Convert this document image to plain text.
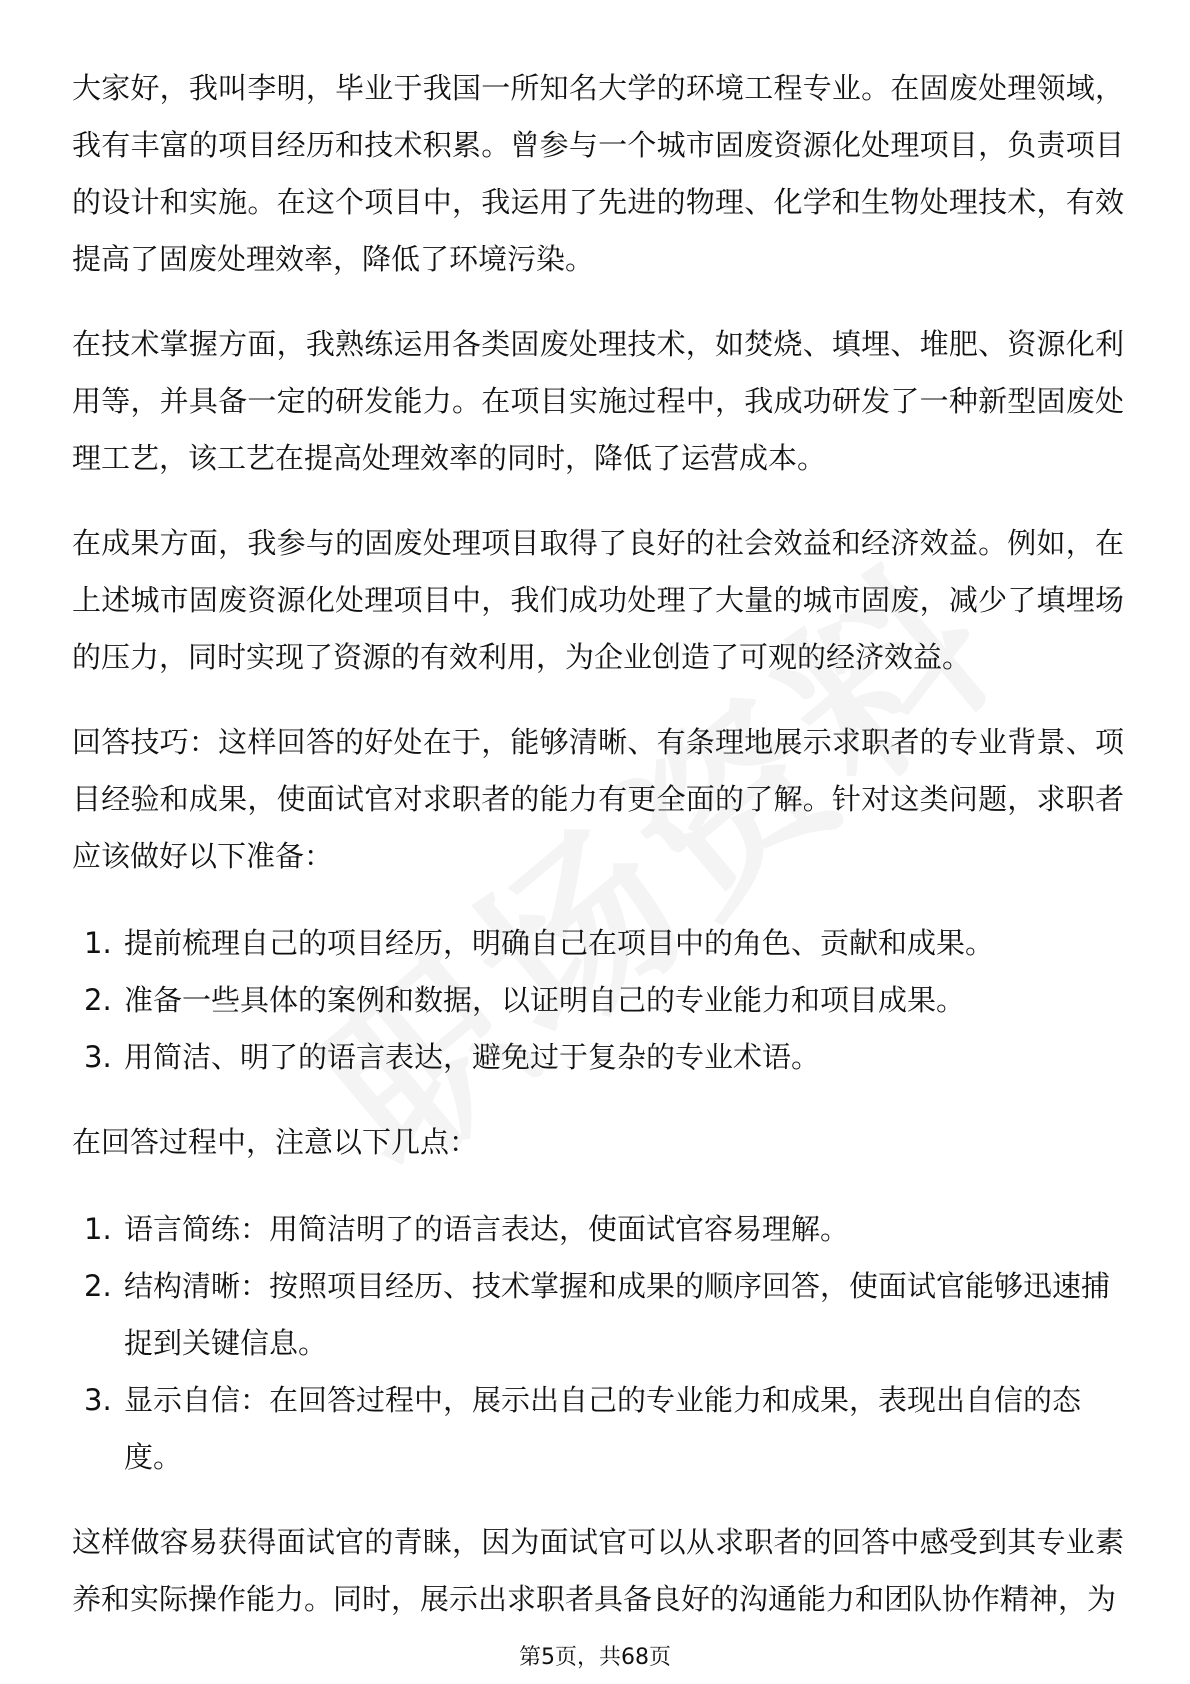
大家好，我叫李明，毕业于我国一所知名大学的环境工程专业。在固废处理领域，我有丰富的项目经历和技术积累。曾参与一个城市固废资源化处理项目，负责项目的设计和实施。在这个项目中，我运用了先进的物理、化学和生物处理技术，有效提高了固废处理效率，降低了环境污染。

在技术掌握方面，我熟练运用各类固废处理技术，如焚烧、填埋、堆肥、资源化利用等，并具备一定的研发能力。在项目实施过程中，我成功研发了一种新型固废处理工艺，该工艺在提高处理效率的同时，降低了运营成本。

在成果方面，我参与的固废处理项目取得了良好的社会效益和经济效益。例如，在上述城市固废资源化处理项目中，我们成功处理了大量的城市固废，减少了填埋场的压力，同时实现了资源的有效利用，为企业创造了可观的经济效益。

回答技巧：这样回答的好处在于，能够清晰、有条理地展示求职者的专业背景、项目经验和成果，使面试官对求职者的能力有更全面的了解。针对这类问题，求职者应该做好以下准备：

1. 提前梳理自己的项目经历，明确自己在项目中的角色、贡献和成果。
2. 准备一些具体的案例和数据，以证明自己的专业能力和项目成果。
3. 用简洁、明了的语言表达，避免过于复杂的专业术语。

在回答过程中，注意以下几点：

1. 语言简练：用简洁明了的语言表达，使面试官容易理解。
2. 结构清晰：按照项目经历、技术掌握和成果的顺序回答，使面试官能够迅速捕捉到关键信息。
3. 显示自信：在回答过程中，展示出自己的专业能力和成果，表现出自信的态度。

这样做容易获得面试官的青睐，因为面试官可以从求职者的回答中感受到其专业素养和实际操作能力。同时，展示出求职者具备良好的沟通能力和团队协作精神，为

第5页，共68页
